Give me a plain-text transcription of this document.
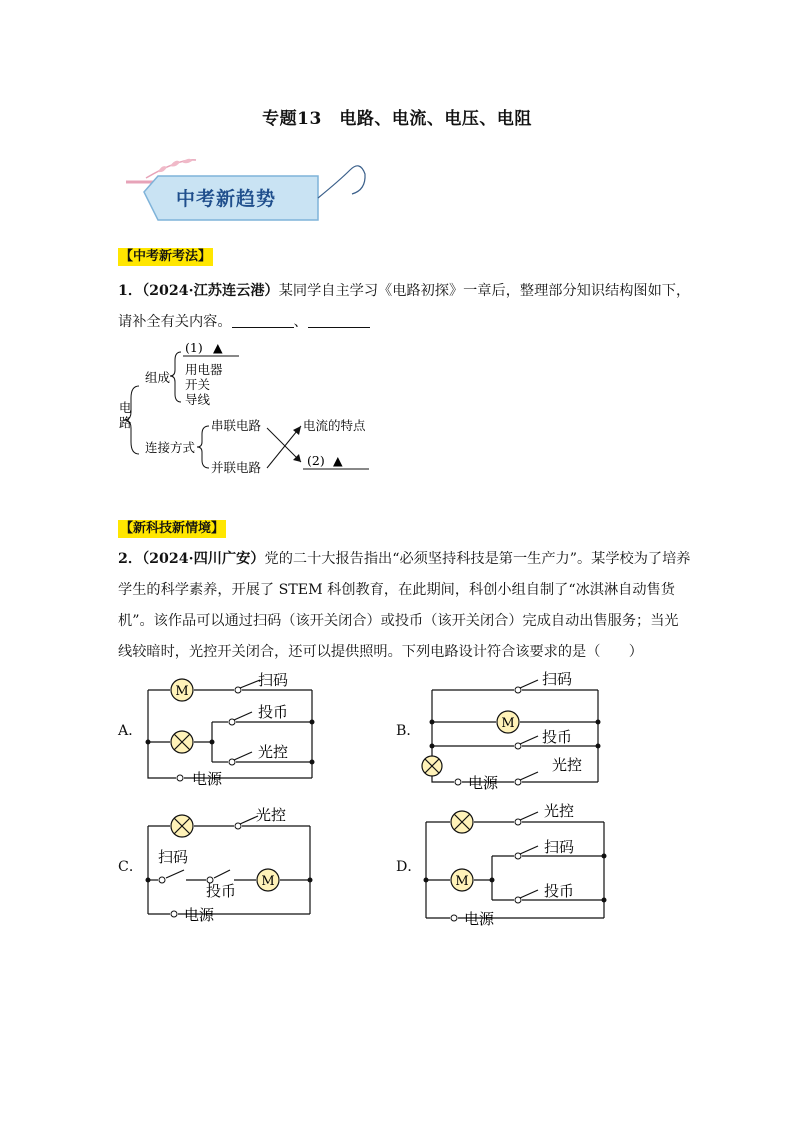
专题13　电路、电流、电压、电阻
中考新趋势
【中考新考法】
1．（2024·江苏连云港）某同学自主学习《电路初探》一章后，整理部分知识结构图如下，
请补全有关内容。	、
电
路
组成
(1) ▲
用电器
开关
导线
连接方式
串联电路
并联电路
电流的特点
(2) ▲
【新科技新情境】
2．（2024·四川广安）党的二十大报告指出“必须坚持科技是第一生产力”。某学校为了培养
学生的科学素养，开展了 STEM 科创教育，在此期间，科创小组自制了“冰淇淋自动售货
机”。该作品可以通过扫码（该开关闭合）或投币（该开关闭合）完成自动出售服务；当光
线较暗时，光控开关闭合，还可以提供照明。下列电路设计符合该要求的是（　　）
A．
M
扫码
投币
光控
电源
B．	M
扫码
投币
电源
光控
C．
M
光控
扫码
投币
电源
D．
M
光控
扫码
投币
电源
